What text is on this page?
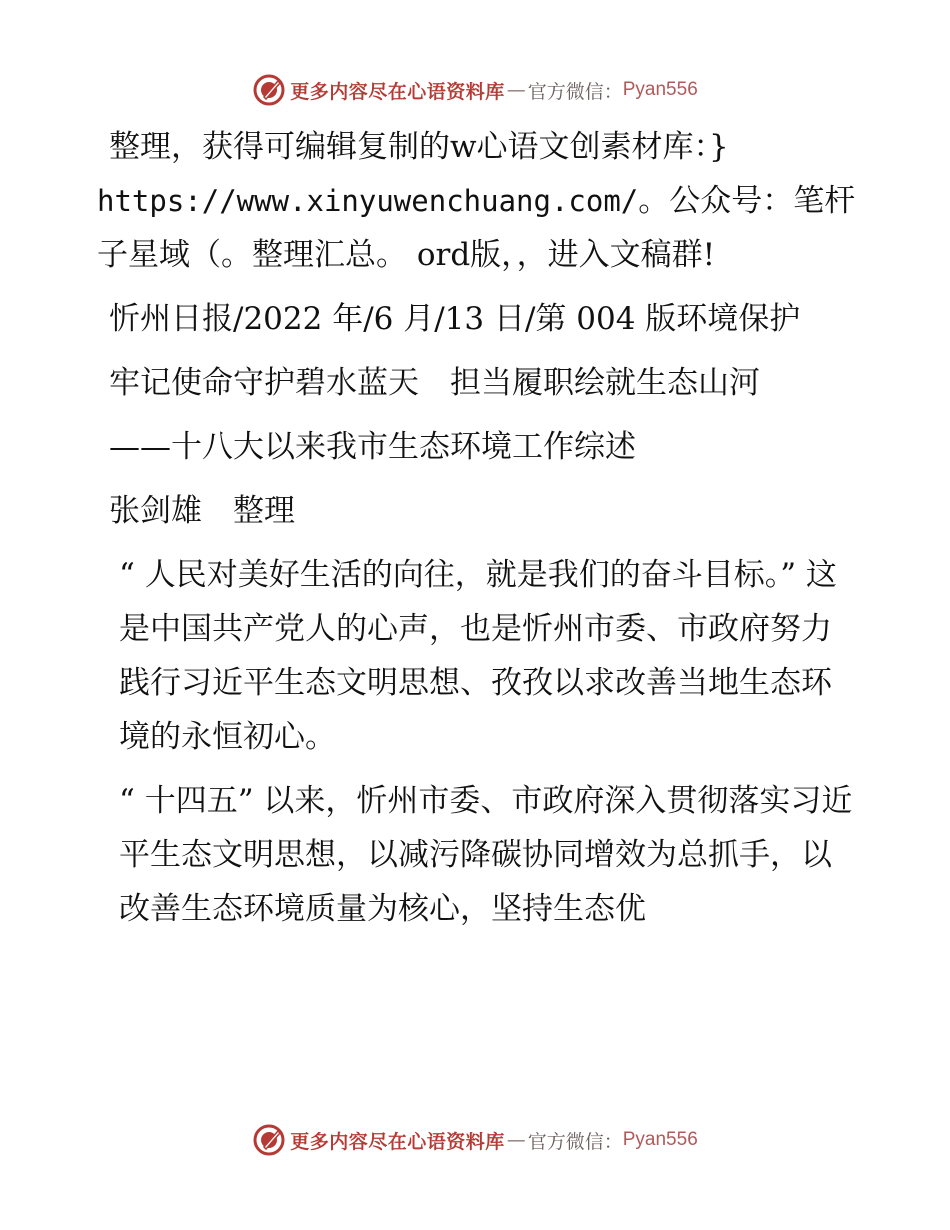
更多内容尽在心语资料库 — 官方微信： Pyan556

整理，获得可编辑复制的w心语文创素材库：}
https://www.xinyuwenchuang.com/。公众号：笔杆子星域（。整理汇总。 ord版，，进入文稿群!

忻州日报/2022 年/6 月/13 日/第 004 版环境保护

牢记使命守护碧水蓝天　担当履职绘就生态山河

——十八大以来我市生态环境工作综述

张剑雄　整理

“ 人民对美好生活的向往，就是我们的奋斗目标。” 这是中国共产党人的心声，也是忻州市委、市政府努力践行习近平生态文明思想、孜孜以求改善当地生态环境的永恒初心。

“ 十四五” 以来，忻州市委、市政府深入贯彻落实习近平生态文明思想，以减污降碳协同增效为总抓手，以改善生态环境质量为核心，坚持生态优

更多内容尽在心语资料库 — 官方微信： Pyan556
